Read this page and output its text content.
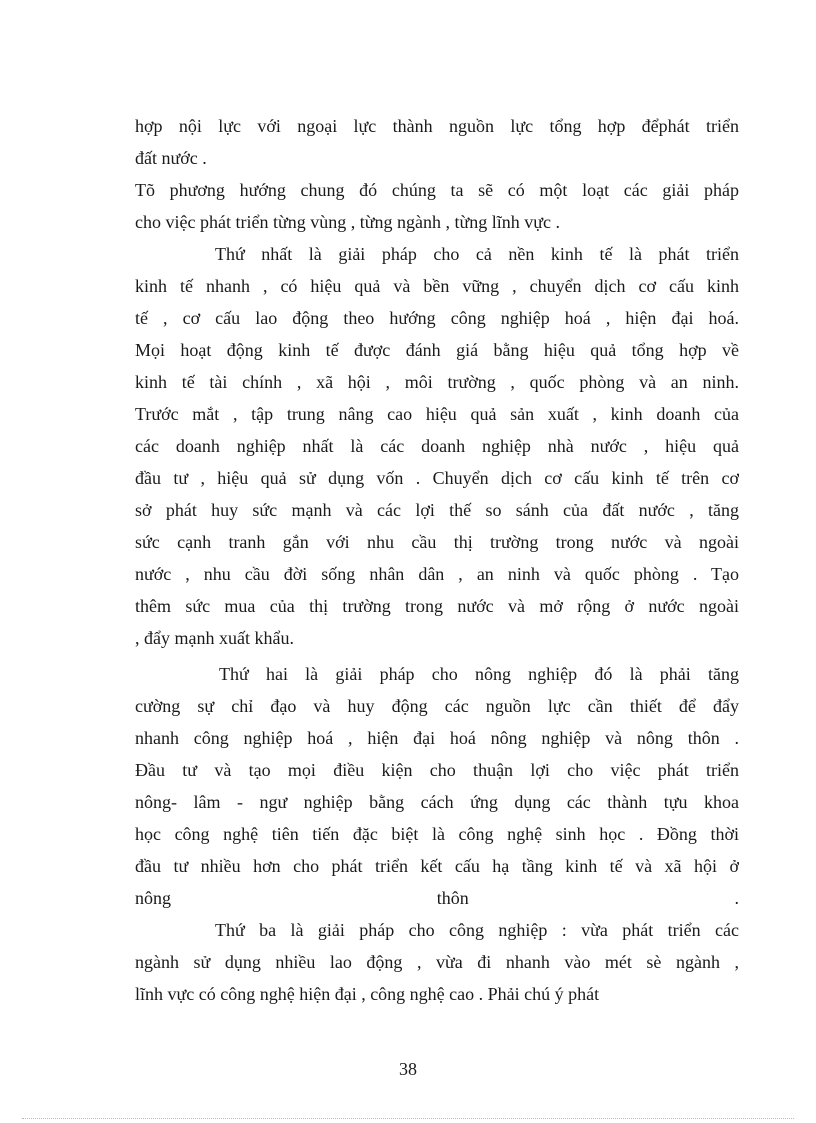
hợp nội lực với ngoại lực thành nguồn lực tổng hợp đểphát triển
đất nước .
Tõ phương hướng chung đó chúng ta sẽ có một loạt các giải pháp
cho việc phát triển từng vùng , từng ngành , từng lĩnh vực .
Thứ nhất là giải pháp cho cả nền kinh tế là phát triển
kinh tế nhanh , có hiệu quả và bền vững , chuyển dịch cơ cấu kinh
tế , cơ cấu lao động theo hướng công nghiệp hoá , hiện đại hoá.
Mọi hoạt động kinh tế được đánh giá bằng hiệu quả tổng hợp về
kinh tế tài chính , xã hội , môi trường , quốc phòng và an ninh.
Trước mắt , tập trung nâng cao hiệu quả sản xuất , kinh doanh của
các doanh nghiệp nhất là các doanh nghiệp nhà nước , hiệu quả
đầu tư , hiệu quả sử dụng vốn . Chuyển dịch cơ cấu kinh tế trên cơ
sở phát huy sức mạnh và các lợi thế so sánh của đất nước , tăng
sức cạnh tranh gắn với nhu cầu thị trường trong nước và ngoài
nước , nhu cầu đời sống nhân dân , an ninh và quốc phòng . Tạo
thêm sức mua của thị trường trong nước và mở rộng ở nước ngoài
, đẩy mạnh xuất khẩu.
Thứ hai là giải pháp cho nông nghiệp đó là phải tăng
cường sự chỉ đạo và huy động các nguồn lực cần thiết để đẩy
nhanh công nghiệp hoá , hiện đại hoá nông nghiệp và nông thôn .
Đầu tư và tạo mọi điều kiện cho thuận lợi cho việc phát triển
nông- lâm - ngư nghiệp bằng cách ứng dụng các thành tựu khoa
học công nghệ tiên tiến đặc biệt là công nghệ sinh học . Đồng thời
đầu tư nhiều hơn cho phát triển kết cấu hạ tầng kinh tế và xã hội ở
nông thôn .
Thứ ba là giải pháp cho công nghiệp : vừa phát triển các
ngành sử dụng nhiều lao động , vừa đi nhanh vào mét sè ngành ,
lĩnh vực có công nghệ hiện đại , công nghệ cao . Phải chú ý phát
38
